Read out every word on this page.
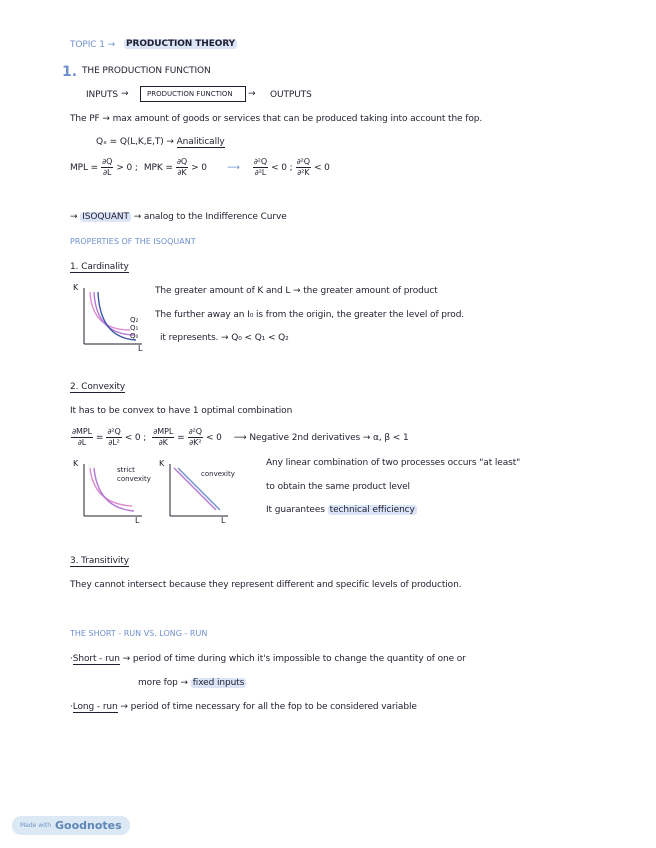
TOPIC 1 → PRODUCTION THEORY
1. THE PRODUCTION FUNCTION
INPUTS →	PRODUCTION FUNCTION	→ OUTPUTS
The PF → max amount of goods or services that can be produced taking into account the fop.
Qₓ = Q(L,K,E,T) → Analitically
MPL = $\frac{\partial Q}{\partial L} > 0$ ; MPK = $\frac{\partial Q}{\partial K} > 0$ ⟶ $\frac{\text{∂²Q}}{\text{∂²L}} < 0$ ; $\frac{\text{∂²Q}}{\text{∂²K}} < 0$
→ ISOQUANT → analog to the Indifference Curve
PROPERTIES OF THE ISOQUANT
1. Cardinality
K
L
Q₂
Q₁
Q₀
The greater amount of K and L → the greater amount of product
The further away an I₀ is from the origin, the greater the level of prod.
it represents. → Q₀ < Q₁ < Q₂
2. Convexity
It has to be convex to have 1 optimal combination
$\frac{\text{∂MPL}}{\partial L} = \frac{\text{∂²Q}}{\text{∂L²}} < 0$ ; $\frac{\text{∂MPL}}{\partial K} = \frac{\text{∂²Q}}{\text{∂K²}} < 0$ ⟶ Negative 2nd derivatives → α, β < 1
K
L
strict convexity
K
L
convexity
Any linear combination of two processes occurs "at least"
to obtain the same product level
It guarantees technical efficiency
3. Transitivity
They cannot intersect because they represent different and specific levels of production.
THE SHORT - RUN VS. LONG - RUN
·Short - run → period of time during which it's impossible to change the quantity of one or
more fop → fixed inputs
·Long - run → period of time necessary for all the fop to be considered variable
Made with Goodnotes
